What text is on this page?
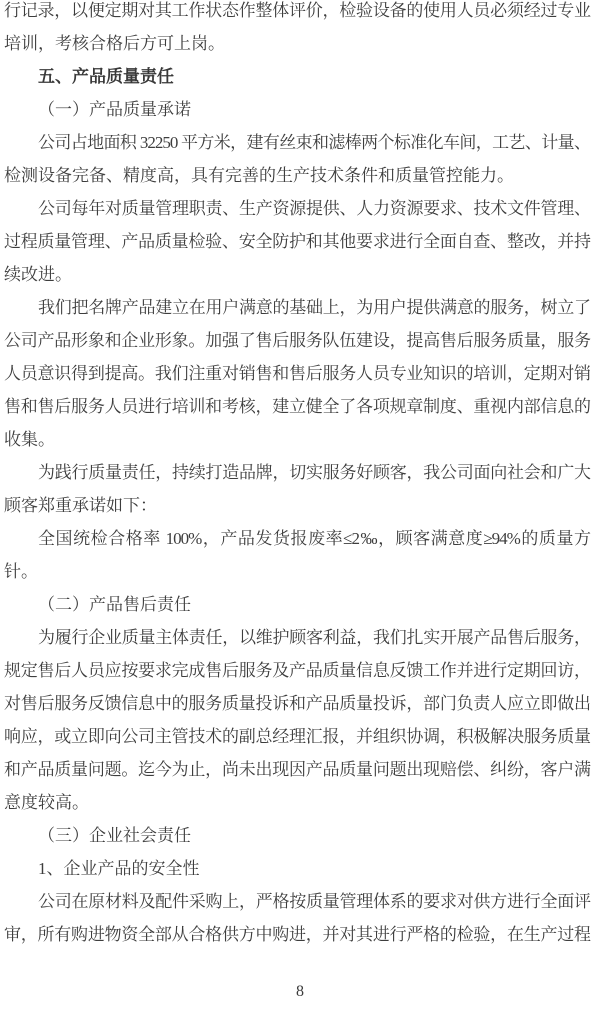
行记录，以便定期对其工作状态作整体评价，检验设备的使用人员必须经过专业
培训，考核合格后方可上岗。
五、产品质量责任
（一）产品质量承诺
公司占地面积 32250 平方米，建有丝束和滤棒两个标准化车间，工艺、计量、
检测设备完备、精度高，具有完善的生产技术条件和质量管控能力。
公司每年对质量管理职责、生产资源提供、人力资源要求、技术文件管理、
过程质量管理、产品质量检验、安全防护和其他要求进行全面自查、整改，并持
续改进。
我们把名牌产品建立在用户满意的基础上，为用户提供满意的服务，树立了
公司产品形象和企业形象。加强了售后服务队伍建设，提高售后服务质量，服务
人员意识得到提高。我们注重对销售和售后服务人员专业知识的培训，定期对销
售和售后服务人员进行培训和考核，建立健全了各项规章制度、重视内部信息的
收集。
为践行质量责任，持续打造品牌，切实服务好顾客，我公司面向社会和广大
顾客郑重承诺如下：
全国统检合格率 100%，产品发货报废率≤2‰，顾客满意度≥94%的质量方
针。
（二）产品售后责任
为履行企业质量主体责任，以维护顾客利益，我们扎实开展产品售后服务，
规定售后人员应按要求完成售后服务及产品质量信息反馈工作并进行定期回访，
对售后服务反馈信息中的服务质量投诉和产品质量投诉，部门负责人应立即做出
响应，或立即向公司主管技术的副总经理汇报，并组织协调，积极解决服务质量
和产品质量问题。迄今为止，尚未出现因产品质量问题出现赔偿、纠纷，客户满
意度较高。
（三）企业社会责任
1、企业产品的安全性
公司在原材料及配件采购上，严格按质量管理体系的要求对供方进行全面评
审，所有购进物资全部从合格供方中购进，并对其进行严格的检验，在生产过程
8
